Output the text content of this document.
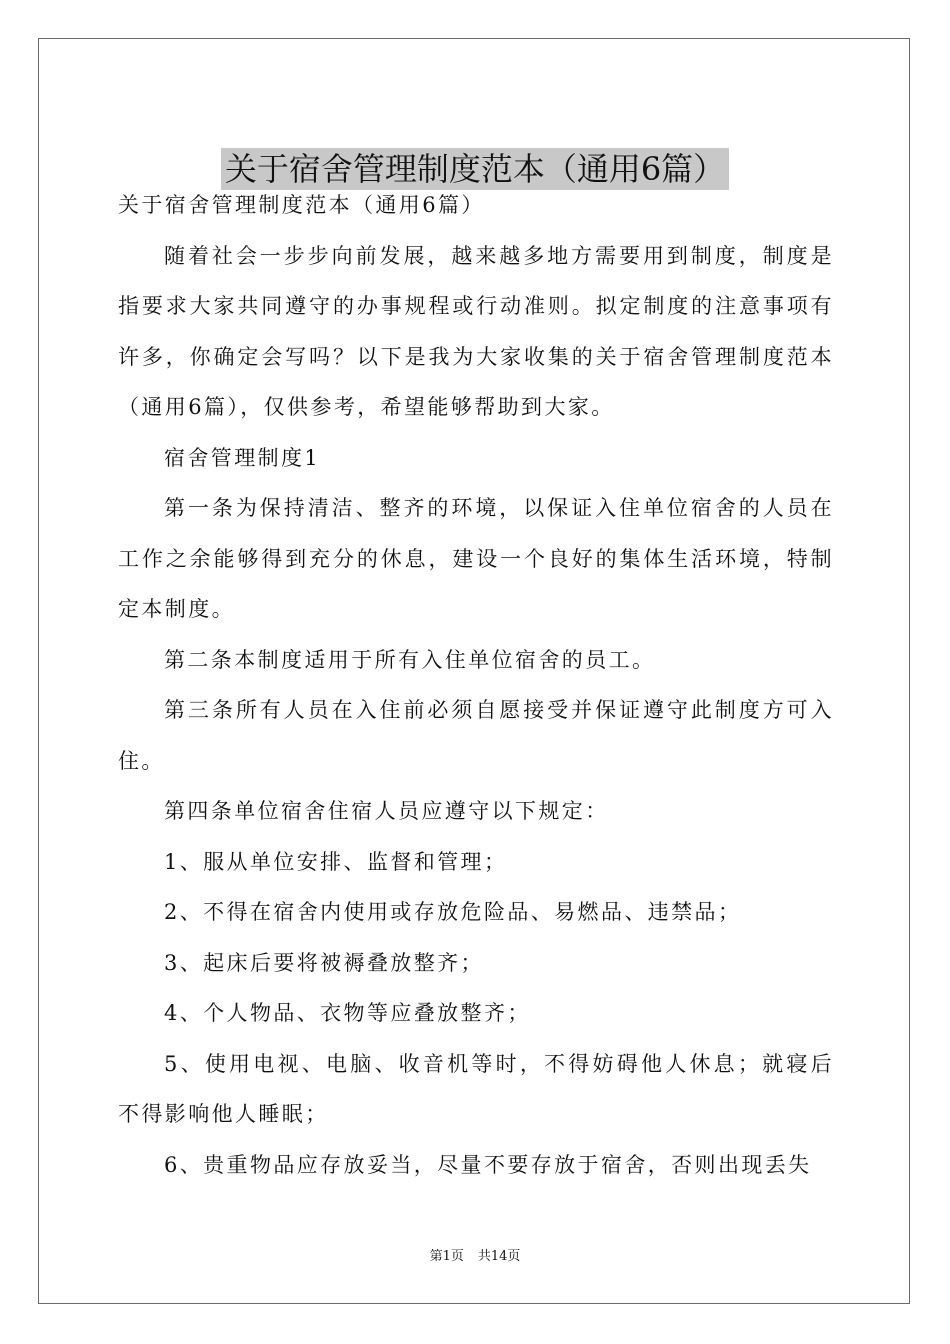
关于宿舍管理制度范本（通用6篇）

关于宿舍管理制度范本（通用6篇）

随着社会一步步向前发展，越来越多地方需要用到制度，制度是指要求大家共同遵守的办事规程或行动准则。拟定制度的注意事项有许多，你确定会写吗？以下是我为大家收集的关于宿舍管理制度范本（通用6篇），仅供参考，希望能够帮助到大家。

宿舍管理制度1

第一条为保持清洁、整齐的环境，以保证入住单位宿舍的人员在工作之余能够得到充分的休息，建设一个良好的集体生活环境，特制定本制度。

第二条本制度适用于所有入住单位宿舍的员工。

第三条所有人员在入住前必须自愿接受并保证遵守此制度方可入住。

第四条单位宿舍住宿人员应遵守以下规定：

1、服从单位安排、监督和管理；

2、不得在宿舍内使用或存放危险品、易燃品、违禁品；

3、起床后要将被褥叠放整齐；

4、个人物品、衣物等应叠放整齐；

5、使用电视、电脑、收音机等时，不得妨碍他人休息；就寝后不得影响他人睡眠；

6、贵重物品应存放妥当，尽量不要存放于宿舍，否则出现丢失

第1页 共14页
